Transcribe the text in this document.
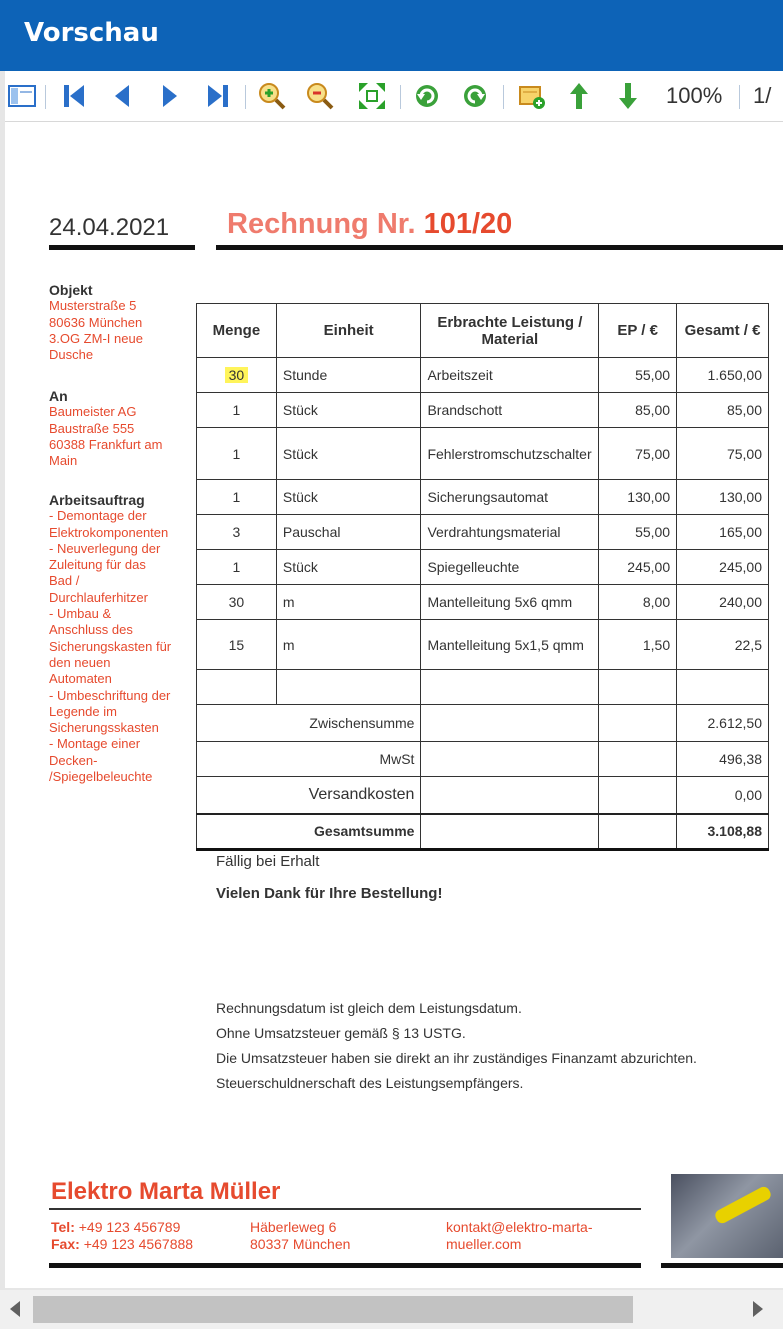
Vorschau
100% 1/
24.04.2021 Rechnung Nr. 101/20
Objekt
Musterstraße 5
80636 München
3.OG ZM-I neue
Dusche
An
Baumeister AG
Baustraße 555
60388 Frankfurt am
Main
Arbeitsauftrag
- Demontage der
Elektrokomponenten
- Neuverlegung der
Zuleitung für das
Bad /
Durchlauferhitzer
- Umbau &
Anschluss des
Sicherungskasten für
den neuen
Automaten
- Umbeschriftung der
Legende im
Sicherungsskasten
- Montage einer
Decken-
/Spiegelbeleuchte
Menge	Einheit	Erbrachte Leistung / Material	EP / €	Gesamt / €
30	Stunde	Arbeitszeit	55,00	1.650,00
1	Stück	Brandschott	85,00	85,00
1	Stück	Fehlerstromschutzschalter	75,00	75,00
1	Stück	Sicherungsautomat	130,00	130,00
3	Pauschal	Verdrahtungsmaterial	55,00	165,00
1	Stück	Spiegelleuchte	245,00	245,00
30	m	Mantelleitung 5x6 qmm	8,00	240,00
15	m	Mantelleitung 5x1,5 qmm	1,50	22,5

Zwischensumme				2.612,50
MwSt				496,38
Versandkosten				0,00
Gesamtsumme				3.108,88
Fällig bei Erhalt
Vielen Dank für Ihre Bestellung!
Rechnungsdatum ist gleich dem Leistungsdatum.
Ohne Umsatzsteuer gemäß § 13 USTG.
Die Umsatzsteuer haben sie direkt an ihr zuständiges Finanzamt abzurichten.
Steuerschuldnerschaft des Leistungsempfängers.
Elektro Marta Müller
Tel: +49 123 456789
Fax: +49 123 4567888
Häberleweg 6
80337 München
kontakt@elektro-marta-
mueller.com
